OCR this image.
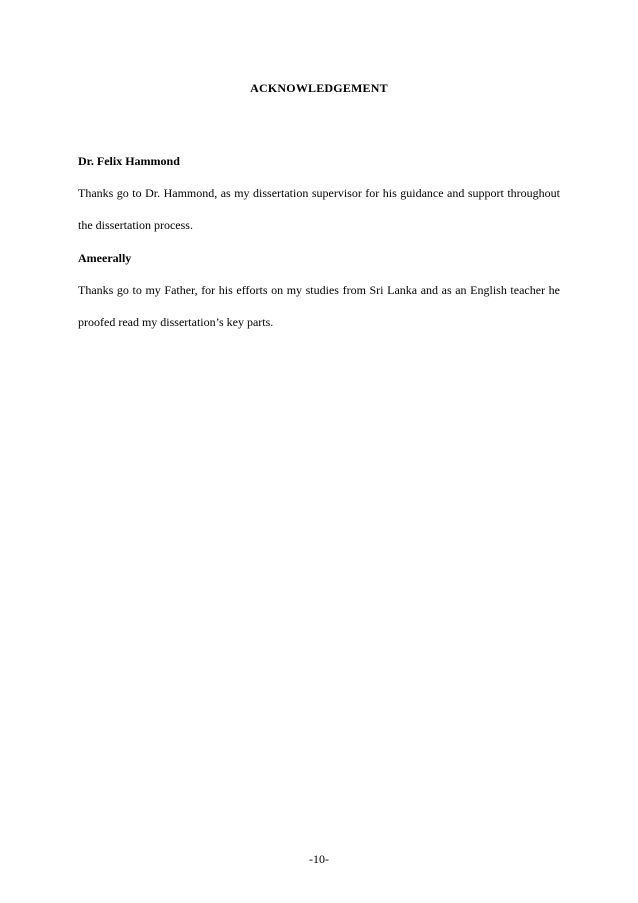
ACKNOWLEDGEMENT

Dr. Felix Hammond

Thanks go to Dr. Hammond, as my dissertation supervisor for his guidance and support throughout the dissertation process.

Ameerally

Thanks go to my Father, for his efforts on my studies from Sri Lanka and as an English teacher he proofed read my dissertation’s key parts.

-10-
